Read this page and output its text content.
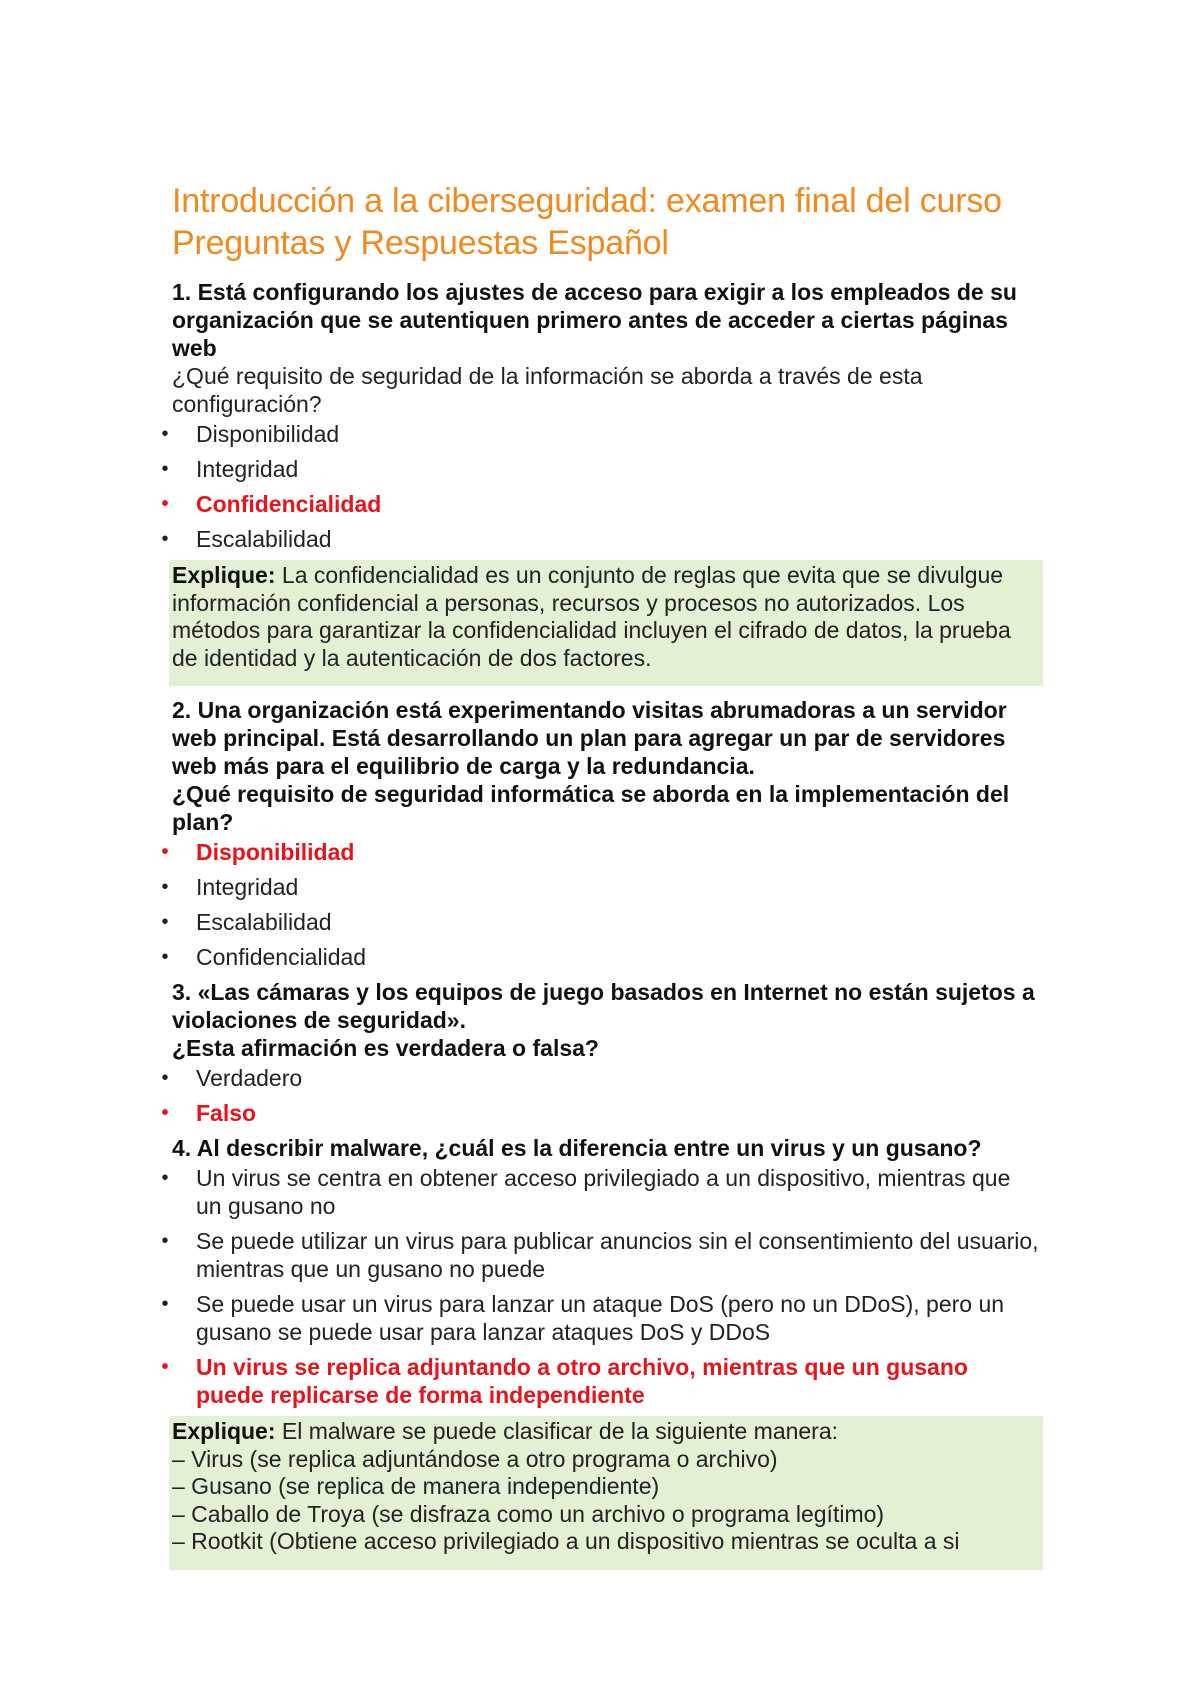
Introducción a la ciberseguridad: examen final del curso Preguntas y Respuestas Español

1. Está configurando los ajustes de acceso para exigir a los empleados de su organización que se autentiquen primero antes de acceder a ciertas páginas web
¿Qué requisito de seguridad de la información se aborda a través de esta configuración?

• Disponibilidad
• Integridad
• Confidencialidad
• Escalabilidad
Explique: La confidencialidad es un conjunto de reglas que evita que se divulgue información confidencial a personas, recursos y procesos no autorizados. Los métodos para garantizar la confidencialidad incluyen el cifrado de datos, la prueba de identidad y la autenticación de dos factores.

2. Una organización está experimentando visitas abrumadoras a un servidor web principal. Está desarrollando un plan para agregar un par de servidores web más para el equilibrio de carga y la redundancia.
¿Qué requisito de seguridad informática se aborda en la implementación del plan?

• Disponibilidad
• Integridad
• Escalabilidad
• Confidencialidad

3. «Las cámaras y los equipos de juego basados en Internet no están sujetos a violaciones de seguridad».
¿Esta afirmación es verdadera o falsa?

• Verdadero
• Falso

4. Al describir malware, ¿cuál es la diferencia entre un virus y un gusano?

• Un virus se centra en obtener acceso privilegiado a un dispositivo, mientras que un gusano no
• Se puede utilizar un virus para publicar anuncios sin el consentimiento del usuario, mientras que un gusano no puede
• Se puede usar un virus para lanzar un ataque DoS (pero no un DDoS), pero un gusano se puede usar para lanzar ataques DoS y DDoS
• Un virus se replica adjuntando a otro archivo, mientras que un gusano puede replicarse de forma independiente
Explique: El malware se puede clasificar de la siguiente manera:
– Virus (se replica adjuntándose a otro programa o archivo)
– Gusano (se replica de manera independiente)
– Caballo de Troya (se disfraza como un archivo o programa legítimo)
– Rootkit (Obtiene acceso privilegiado a un dispositivo mientras se oculta a si
